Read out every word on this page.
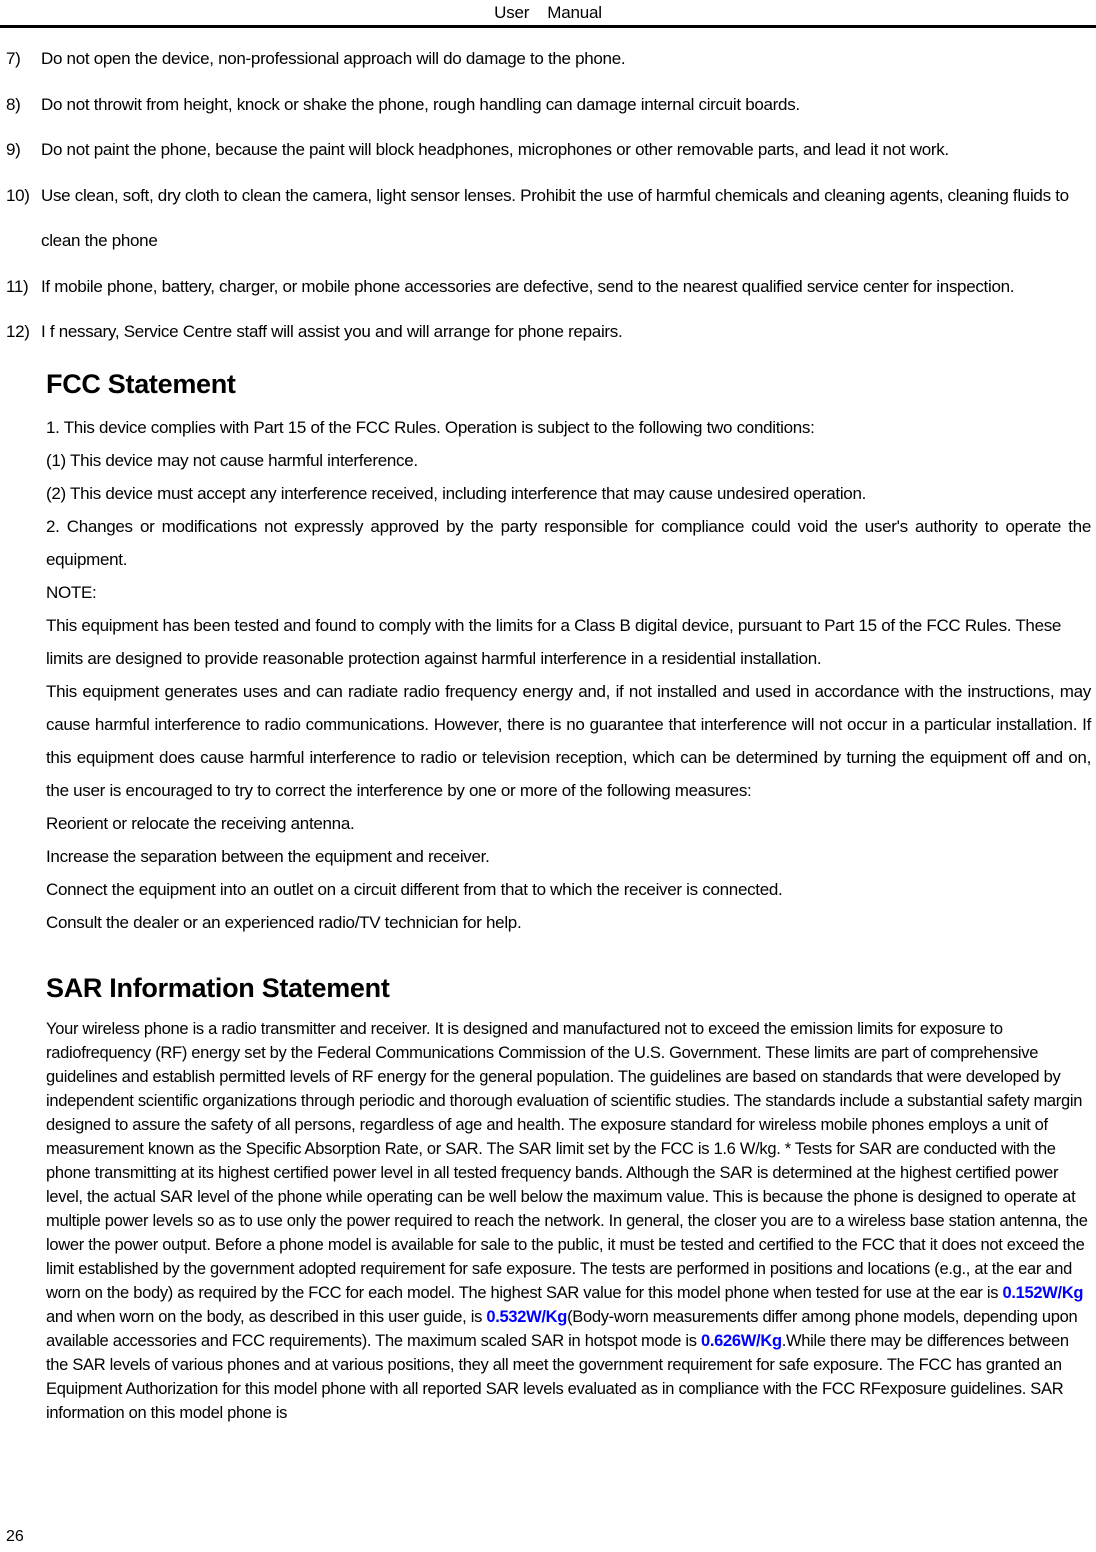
User    Manual
7)	Do not open the device, non-professional approach will do damage to the phone.
8)	Do not throwit from height, knock or shake the phone, rough handling can damage internal circuit boards.
9)	Do not paint the phone, because the paint will block headphones, microphones or other removable parts, and lead it not work.
10) Use clean, soft, dry cloth to clean the camera, light sensor lenses. Prohibit the use of harmful chemicals and cleaning agents, cleaning fluids to clean the phone
11) If mobile phone, battery, charger, or mobile phone accessories are defective, send to the nearest qualified service center for inspection.
12) I f nessary, Service Centre staff will assist you and will arrange for phone repairs.
FCC Statement

1. This device complies with Part 15 of the FCC Rules. Operation is subject to the following two conditions:

(1) This device may not cause harmful interference.

(2) This device must accept any interference received, including interference that may cause undesired operation.

2. Changes or modifications not expressly approved by the party responsible for compliance could void the user's authority to operate the equipment.

NOTE:

This equipment has been tested and found to comply with the limits for a Class B digital device, pursuant to Part 15 of the FCC Rules. These limits are designed to provide reasonable protection against harmful interference in a residential installation.

This equipment generates uses and can radiate radio frequency energy and, if not installed and used in accordance with the instructions, may cause harmful interference to radio communications. However, there is no guarantee that interference will not occur in a particular installation. If this equipment does cause harmful interference to radio or television reception, which can be determined by turning the equipment off and on, the user is encouraged to try to correct the interference by one or more of the following measures:

Reorient or relocate the receiving antenna.

Increase the separation between the equipment and receiver.

Connect the equipment into an outlet on a circuit different from that to which the receiver is connected.

Consult the dealer or an experienced radio/TV technician for help.

SAR Information Statement

Your wireless phone is a radio transmitter and receiver. It is designed and manufactured not to exceed the emission limits for exposure to radiofrequency (RF) energy set by the Federal Communications Commission of the U.S. Government. These limits are part of comprehensive guidelines and establish permitted levels of RF energy for the general population. The guidelines are based on standards that were developed by independent scientific organizations through periodic and thorough evaluation of scientific studies. The standards include a substantial safety margin designed to assure the safety of all persons, regardless of age and health. The exposure standard for wireless mobile phones employs a unit of measurement known as the Specific Absorption Rate, or SAR. The SAR limit set by the FCC is 1.6 W/kg. * Tests for SAR are conducted with the phone transmitting at its highest certified power level in all tested frequency bands. Although the SAR is determined at the highest certified power level, the actual SAR level of the phone while operating can be well below the maximum value. This is because the phone is designed to operate at multiple power levels so as to use only the power required to reach the network. In general, the closer you are to a wireless base station antenna, the lower the power output. Before a phone model is available for sale to the public, it must be tested and certified to the FCC that it does not exceed the limit established by the government adopted requirement for safe exposure. The tests are performed in positions and locations (e.g., at the ear and worn on the body) as required by the FCC for each model. The highest SAR value for this model phone when tested for use at the ear is 0.152W/Kg and when worn on the body, as described in this user guide, is 0.532W/Kg(Body-worn measurements differ among phone models, depending upon available accessories and FCC requirements). The maximum scaled SAR in hotspot mode is 0.626W/Kg.While there may be differences between the SAR levels of various phones and at various positions, they all meet the government requirement for safe exposure. The FCC has granted an Equipment Authorization for this model phone with all reported SAR levels evaluated as in compliance with the FCC RFexposure guidelines. SAR information on this model phone is

26
